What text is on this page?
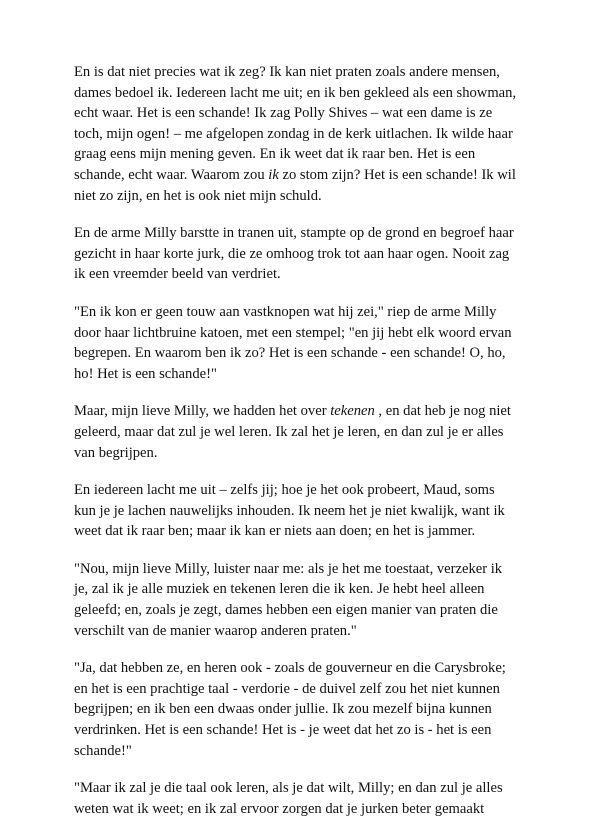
En is dat niet precies wat ik zeg? Ik kan niet praten zoals andere mensen,
dames bedoel ik. Iedereen lacht me uit; en ik ben gekleed als een showman,
echt waar. Het is een schande! Ik zag Polly Shives – wat een dame is ze
toch, mijn ogen! – me afgelopen zondag in de kerk uitlachen. Ik wilde haar
graag eens mijn mening geven. En ik weet dat ik raar ben. Het is een
schande, echt waar. Waarom zou ik zo stom zijn? Het is een schande! Ik wil
niet zo zijn, en het is ook niet mijn schuld.

En de arme Milly barstte in tranen uit, stampte op de grond en begroef haar
gezicht in haar korte jurk, die ze omhoog trok tot aan haar ogen. Nooit zag
ik een vreemder beeld van verdriet.

"En ik kon er geen touw aan vastknopen wat hij zei," riep de arme Milly
door haar lichtbruine katoen, met een stempel; "en jij hebt elk woord ervan
begrepen. En waarom ben ik zo? Het is een schande - een schande! O, ho,
ho! Het is een schande!"

Maar, mijn lieve Milly, we hadden het over tekenen , en dat heb je nog niet
geleerd, maar dat zul je wel leren. Ik zal het je leren, en dan zul je er alles
van begrijpen.

En iedereen lacht me uit – zelfs jij; hoe je het ook probeert, Maud, soms
kun je je lachen nauwelijks inhouden. Ik neem het je niet kwalijk, want ik
weet dat ik raar ben; maar ik kan er niets aan doen; en het is jammer.

"Nou, mijn lieve Milly, luister naar me: als je het me toestaat, verzeker ik
je, zal ik je alle muziek en tekenen leren die ik ken. Je hebt heel alleen
geleefd; en, zoals je zegt, dames hebben een eigen manier van praten die
verschilt van de manier waarop anderen praten."

"Ja, dat hebben ze, en heren ook - zoals de gouverneur en die Carysbroke;
en het is een prachtige taal - verdorie - de duivel zelf zou het niet kunnen
begrijpen; en ik ben een dwaas onder jullie. Ik zou mezelf bijna kunnen
verdrinken. Het is een schande! Het is - je weet dat het zo is - het is een
schande!"

"Maar ik zal je die taal ook leren, als je dat wilt, Milly; en dan zul je alles
weten wat ik weet; en ik zal ervoor zorgen dat je jurken beter gemaakt
